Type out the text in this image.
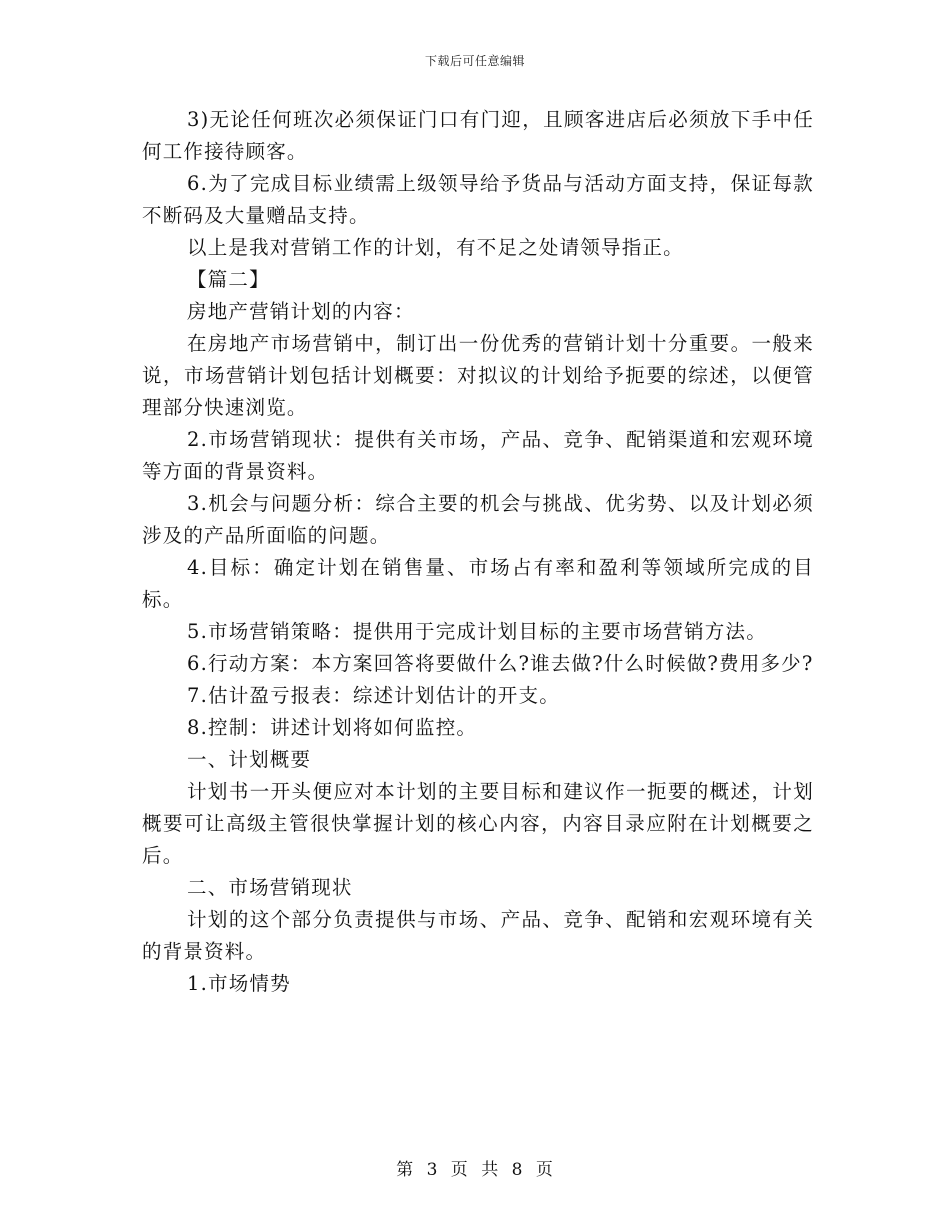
下载后可任意编辑

3)无论任何班次必须保证门口有门迎，且顾客进店后必须放下手中任何工作接待顾客。

6.为了完成目标业绩需上级领导给予货品与活动方面支持，保证每款不断码及大量赠品支持。

以上是我对营销工作的计划，有不足之处请领导指正。

【篇二】

房地产营销计划的内容：

在房地产市场营销中，制订出一份优秀的营销计划十分重要。一般来说，市场营销计划包括计划概要：对拟议的计划给予扼要的综述，以便管理部分快速浏览。

2.市场营销现状：提供有关市场，产品、竞争、配销渠道和宏观环境等方面的背景资料。

3.机会与问题分析：综合主要的机会与挑战、优劣势、以及计划必须涉及的产品所面临的问题。

4.目标：确定计划在销售量、市场占有率和盈利等领域所完成的目标。

5.市场营销策略：提供用于完成计划目标的主要市场营销方法。

6.行动方案：本方案回答将要做什么?谁去做?什么时候做?费用多少?

7.估计盈亏报表：综述计划估计的开支。

8.控制：讲述计划将如何监控。

一、计划概要

计划书一开头便应对本计划的主要目标和建议作一扼要的概述，计划概要可让高级主管很快掌握计划的核心内容，内容目录应附在计划概要之后。

二、市场营销现状

计划的这个部分负责提供与市场、产品、竞争、配销和宏观环境有关的背景资料。

1.市场情势

第 3 页 共 8 页
